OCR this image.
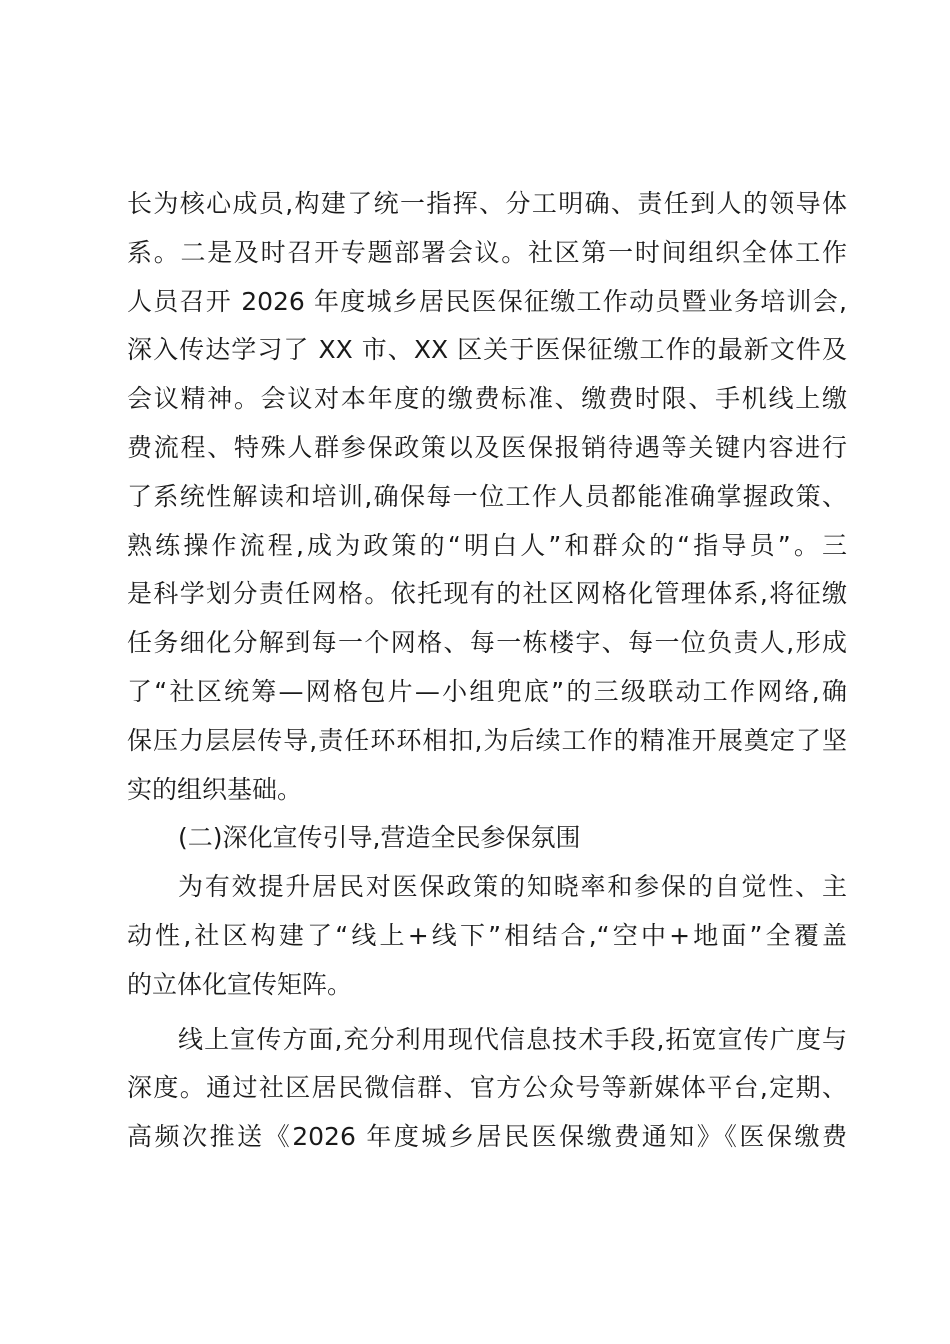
长为核心成员,构建了统一指挥、分工明确、责任到人的领导体
系。二是及时召开专题部署会议。社区第一时间组织全体工作
人员召开 2026 年度城乡居民医保征缴工作动员暨业务培训会,
深入传达学习了 XX 市、XX 区关于医保征缴工作的最新文件及
会议精神。会议对本年度的缴费标准、缴费时限、手机线上缴
费流程、特殊人群参保政策以及医保报销待遇等关键内容进行
了系统性解读和培训,确保每一位工作人员都能准确掌握政策、
熟练操作流程,成为政策的“明白人”和群众的“指导员”。三
是科学划分责任网格。依托现有的社区网格化管理体系,将征缴
任务细化分解到每一个网格、每一栋楼宇、每一位负责人,形成
了“社区统筹—网格包片—小组兜底”的三级联动工作网络,确
保压力层层传导,责任环环相扣,为后续工作的精准开展奠定了坚
实的组织基础。
(二)深化宣传引导,营造全民参保氛围
为有效提升居民对医保政策的知晓率和参保的自觉性、主
动性,社区构建了“线上+线下”相结合,“空中+地面”全覆盖
的立体化宣传矩阵。
线上宣传方面,充分利用现代信息技术手段,拓宽宣传广度与
深度。通过社区居民微信群、官方公众号等新媒体平台,定期、
高频次推送《2026 年度城乡居民医保缴费通知》《医保缴费
